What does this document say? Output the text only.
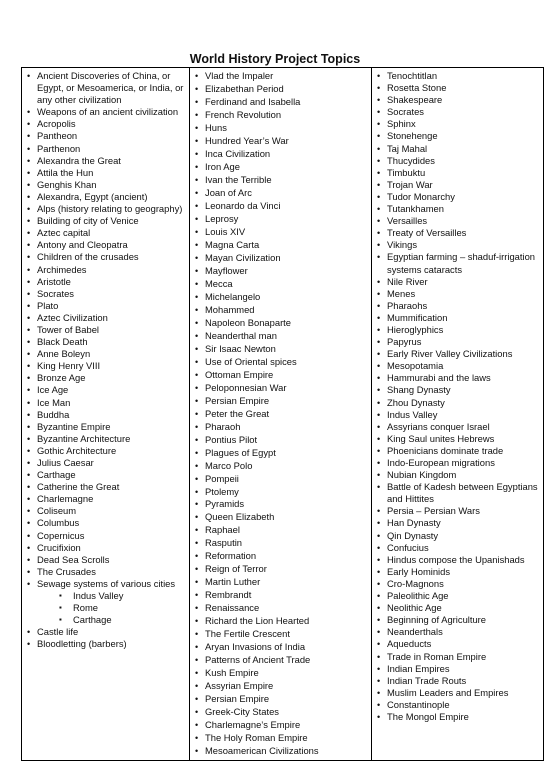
World History Project Topics
• Ancient Discoveries of China, or Egypt, or Mesoamerica, or India, or any other civilization
• Weapons of an ancient civilization
• Acropolis
• Pantheon
• Parthenon
• Alexandra the Great
• Attila the Hun
• Genghis Khan
• Alexandra, Egypt (ancient)
• Alps (history relating to geography)
• Building of city of Venice
• Aztec capital
• Antony and Cleopatra
• Children of the crusades
• Archimedes
• Aristotle
• Socrates
• Plato
• Aztec Civilization
• Tower of Babel
• Black Death
• Anne Boleyn
• King Henry VIII
• Bronze Age
• Ice Age
• Ice Man
• Buddha
• Byzantine Empire
• Byzantine Architecture
• Gothic Architecture
• Julius Caesar
• Carthage
• Catherine the Great
• Charlemagne
• Coliseum
• Columbus
• Copernicus
• Crucifixion
• Dead Sea Scrolls
• The Crusades
• Sewage systems of various cities
▪ Indus Valley
▪ Rome
▪ Carthage
• Castle life
• Bloodletting (barbers)

• Vlad the Impaler
• Elizabethan Period
• Ferdinand and Isabella
• French Revolution
• Huns
• Hundred Year’s War
• Inca Civilization
• Iron Age
• Ivan the Terrible
• Joan of Arc
• Leonardo da Vinci
• Leprosy
• Louis XIV
• Magna Carta
• Mayan Civilization
• Mayflower
• Mecca
• Michelangelo
• Mohammed
• Napoleon Bonaparte
• Neanderthal man
• Sir Isaac Newton
• Use of Oriental spices
• Ottoman Empire
• Peloponnesian War
• Persian Empire
• Peter the Great
• Pharaoh
• Pontius Pilot
• Plagues of Egypt
• Marco Polo
• Pompeii
• Ptolemy
• Pyramids
• Queen Elizabeth
• Raphael
• Rasputin
• Reformation
• Reign of Terror
• Martin Luther
• Rembrandt
• Renaissance
• Richard the Lion Hearted
• The Fertile Crescent
• Aryan Invasions of India
• Patterns of Ancient Trade
• Kush Empire
• Assyrian Empire
• Persian Empire
• Greek-City States
• Charlemagne’s Empire
• The Holy Roman Empire
• Mesoamerican Civilizations

• Tenochtitlan
• Rosetta Stone
• Shakespeare
• Socrates
• Sphinx
• Stonehenge
• Taj Mahal
• Thucydides
• Timbuktu
• Trojan War
• Tudor Monarchy
• Tutankhamen
• Versailles
• Treaty of Versailles
• Vikings
• Egyptian farming – shaduf-irrigation systems cataracts
• Nile River
• Menes
• Pharaohs
• Mummification
• Hieroglyphics
• Papyrus
• Early River Valley Civilizations
• Mesopotamia
• Hammurabi and the laws
• Shang Dynasty
• Zhou Dynasty
• Indus Valley
• Assyrians conquer Israel
• King Saul unites Hebrews
• Phoenicians dominate trade
• Indo-European migrations
• Nubian Kingdom
• Battle of Kadesh between Egyptians and Hittites
• Persia – Persian Wars
• Han Dynasty
• Qin Dynasty
• Confucius
• Hindus compose the Upanishads
• Early Hominids
• Cro-Magnons
• Paleolithic Age
• Neolithic Age
• Beginning of Agriculture
• Neanderthals
• Aqueducts
• Trade in Roman Empire
• Indian Empires
• Indian Trade Routs
• Muslim Leaders and Empires
• Constantinople
• The Mongol Empire
